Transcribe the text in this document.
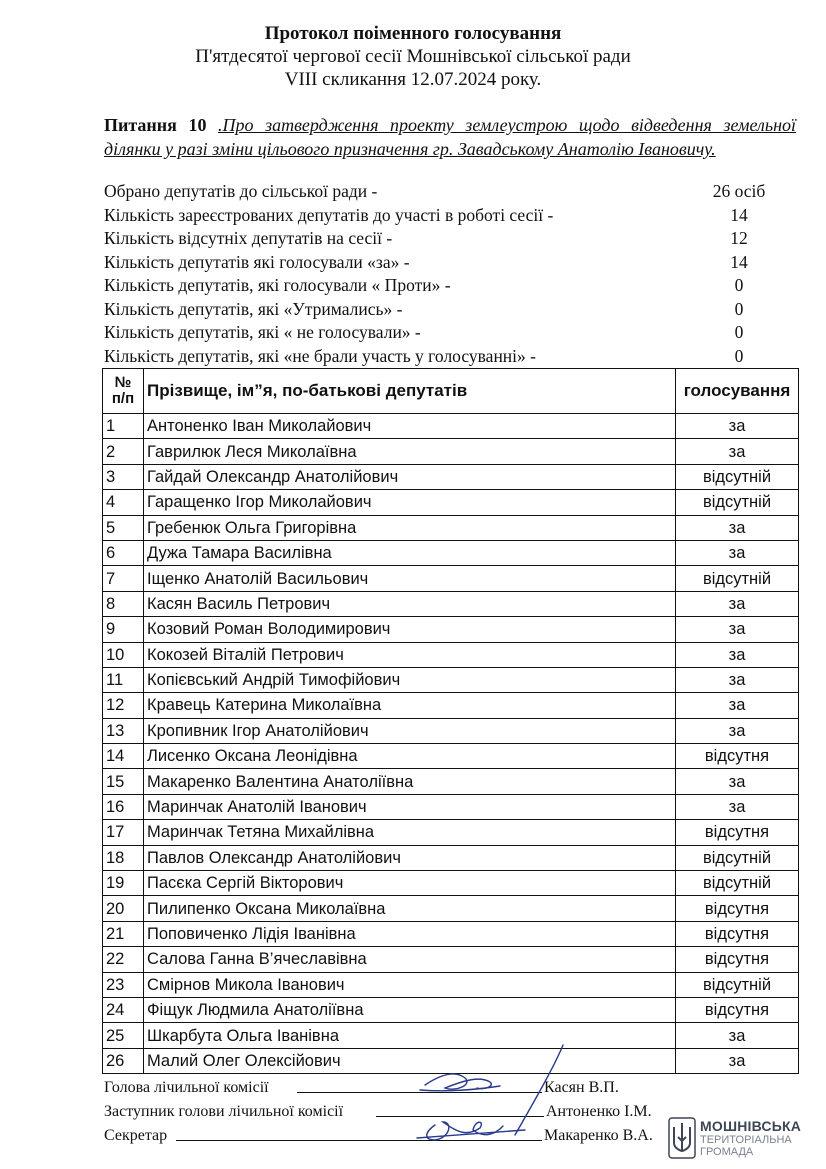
Протокол поіменного голосування
П'ятдесятої чергової сесії Мошнівської сільської ради
VIII скликання 12.07.2024 року.
Питання 10 .Про затвердження проекту землеустрою щодо відведення земельної ділянки у разі зміни цільового призначення гр. Завадському Анатолію Івановичу.
Обрано депутатів до сільської ради -	26 осіб
Кількість зареєстрованих депутатів до участі в роботі сесії -	14
Кількість відсутніх депутатів на сесії -	12
Кількість депутатів які голосували «за» -	14
Кількість депутатів, які голосували « Проти» -	0
Кількість депутатів, які «Утримались» -	0
Кількість депутатів, які « не голосували» -	0
Кількість депутатів, які «не брали участь у голосуванні» -	0
№ п/п	Прізвище, ім”я, по-батькові депутатів	голосування
1	Антоненко Іван Миколайович	за
2	Гаврилюк Леся Миколаївна	за
3	Гайдай Олександр Анатолійович	відсутній
4	Гаращенко Ігор Миколайович	відсутній
5	Гребенюк Ольга Григорівна	за
6	Дужа Тамара Василівна	за
7	Іщенко Анатолій Васильович	відсутній
8	Касян Василь Петрович	за
9	Козовий Роман Володимирович	за
10	Кокозей Віталій Петрович	за
11	Копієвський Андрій Тимофійович	за
12	Кравець Катерина Миколаївна	за
13	Кропивник Ігор Анатолійович	за
14	Лисенко Оксана Леонідівна	відсутня
15	Макаренко Валентина Анатоліївна	за
16	Маринчак Анатолій Іванович	за
17	Маринчак Тетяна Михайлівна	відсутня
18	Павлов Олександр Анатолійович	відсутній
19	Пасєка Сергій Вікторович	відсутній
20	Пилипенко Оксана Миколаївна	відсутня
21	Поповиченко Лідія Іванівна	відсутня
22	Салова Ганна В’ячеславівна	відсутня
23	Смірнов Микола Іванович	відсутній
24	Фіщук Людмила Анатоліївна	відсутня
25	Шкарбута Ольга Іванівна	за
26	Малий Олег Олексійович	за
Голова лічильної комісії	Касян В.П.
Заступник голови лічильної комісії	Антоненко І.М.
Секретар	Макаренко В.А.
МОШНІВСЬКА
ТЕРИТОРІАЛЬНА
ГРОМАДА
